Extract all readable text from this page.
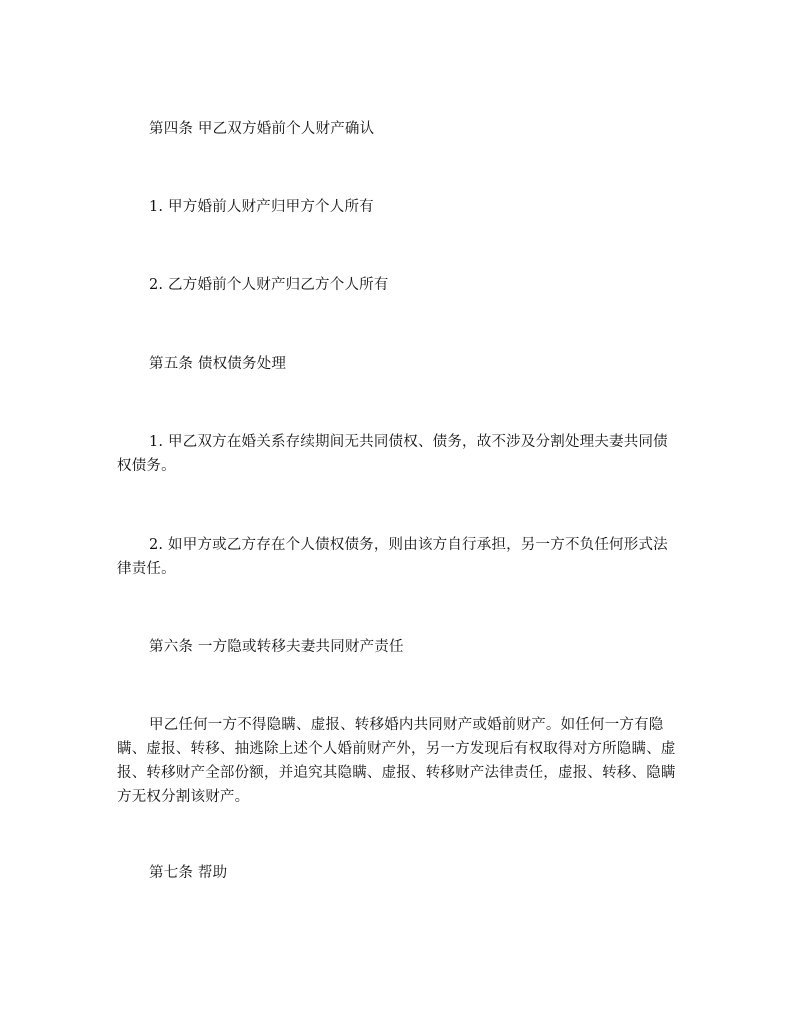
第四条 甲乙双方婚前个人财产确认

1. 甲方婚前人财产归甲方个人所有

2. 乙方婚前个人财产归乙方个人所有

第五条 债权债务处理

1. 甲乙双方在婚关系存续期间无共同债权、债务，故不涉及分割处理夫妻共同债权债务。

2. 如甲方或乙方存在个人债权债务，则由该方自行承担，另一方不负任何形式法律责任。

第六条 一方隐或转移夫妻共同财产责任

甲乙任何一方不得隐瞒、虚报、转移婚内共同财产或婚前财产。如任何一方有隐瞒、虚报、转移、抽逃除上述个人婚前财产外，另一方发现后有权取得对方所隐瞒、虚报、转移财产全部份额，并追究其隐瞒、虚报、转移财产法律责任，虚报、转移、隐瞒方无权分割该财产。

第七条 帮助
